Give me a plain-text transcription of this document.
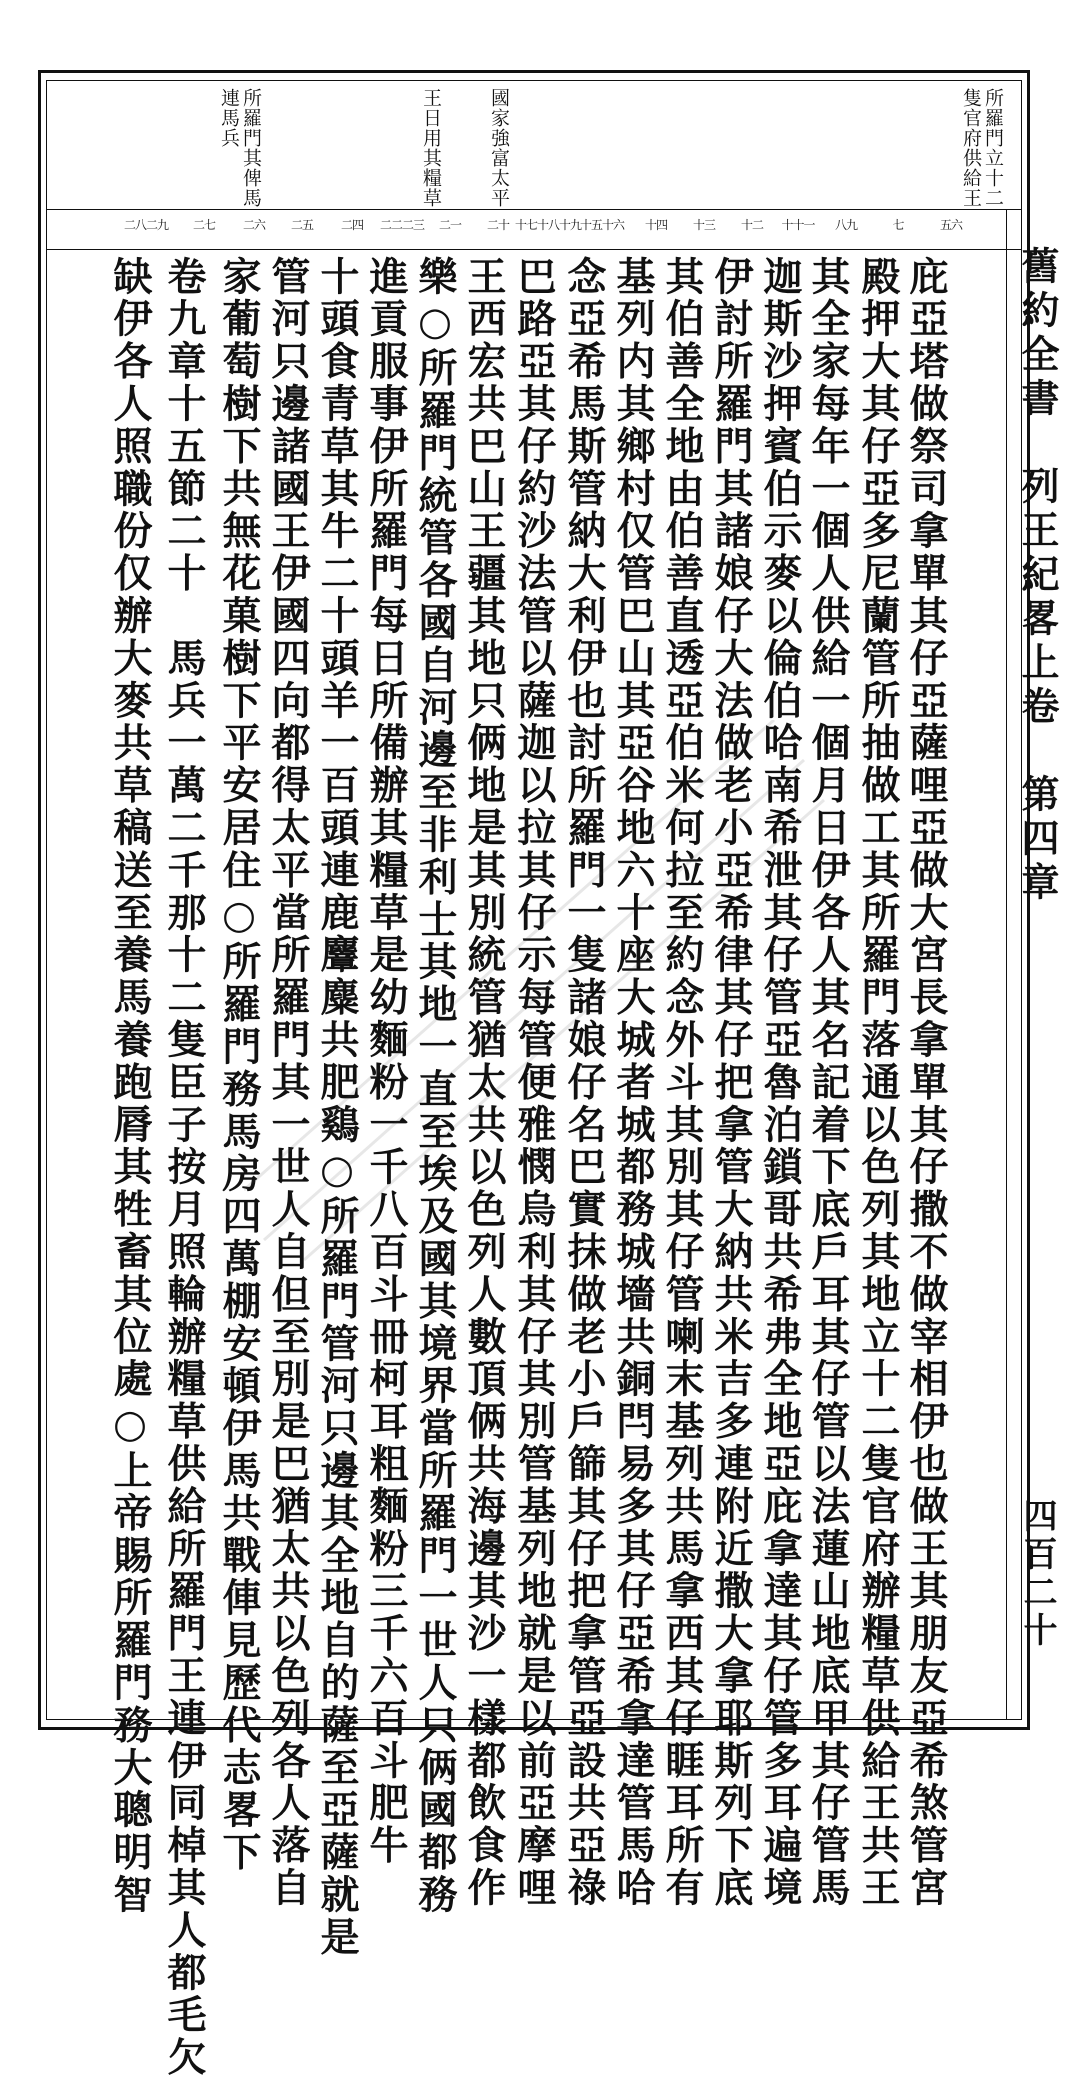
所羅門立十二隻官府供給王
國家強富太平
王日用其糧草
所羅門其俾馬連馬兵
五六
七
八九
十十一
十二
十三
十四
十五十六
十七十八十九
二十
二一
二二二三
二四
二五
二六
二七
二八二九
舊約全書　列王紀畧上卷　第四章
四百二十
庇亞塔做祭司拿單其仔亞薩哩亞做大宮長拿單其仔撒不做宰相伊也做王其朋友亞希煞管宮
殿押大其仔亞多尼蘭管所抽做工其所羅門落通以色列其地立十二隻官府辦糧草供給王共王
其全家每年一個人供給一個月日伊各人其名記着下底戶耳其仔管以法蓮山地底甲其仔管馬
迦斯沙押賓伯示麥以倫伯哈南希泄其仔管亞魯泊鎖哥共希弗全地亞庇拿達其仔管多耳遍境
伊討所羅門其諸娘仔大法做老小亞希律其仔把拿管大納共米吉多連附近撒大拿耶斯列下底
其伯善全地由伯善直透亞伯米何拉至約念外斗其別其仔管喇末基列共馬拿西其仔睚耳所有
基列内其鄉村仅管巴山其亞谷地六十座大城者城都務城墻共銅閂易多其仔亞希拿達管馬哈
念亞希馬斯管納大利伊也討所羅門一隻諸娘仔名巴實抹做老小戶篩其仔把拿管亞設共亞祿
巴路亞其仔約沙法管以薩迦以拉其仔示每管便雅憫烏利其仔其別管基列地就是以前亞摩哩
王西宏共巴山王疆其地只俩地是其別統管猶太共以色列人數頂俩共海邊其沙一樣都飲食作
樂○所羅門統管各國自河邊至非利士其地一直至埃及國其境界當所羅門一世人只俩國都務
進貢服事伊所羅門每日所備辦其糧草是幼麵粉一千八百斗冊柯耳粗麵粉三千六百斗肥牛
十頭食青草其牛二十頭羊一百頭連鹿麞麋共肥鷄○所羅門管河只邊其全地自的薩至亞薩就是
管河只邊諸國王伊國四向都得太平當所羅門其一世人自但至別是巴猶太共以色列各人落自
家葡萄樹下共無花菓樹下平安居住○所羅門務馬房四萬棚安頓伊馬共戰俥見歷代志畧下
卷九章十五節二十　馬兵一萬二千那十二隻臣子按月照輪辦糧草供給所羅門王連伊同棹其人都毛欠
缺伊各人照職份仅辦大麥共草稿送至養馬養跑脣其牲畜其位處○上帝賜所羅門務大聰明智
